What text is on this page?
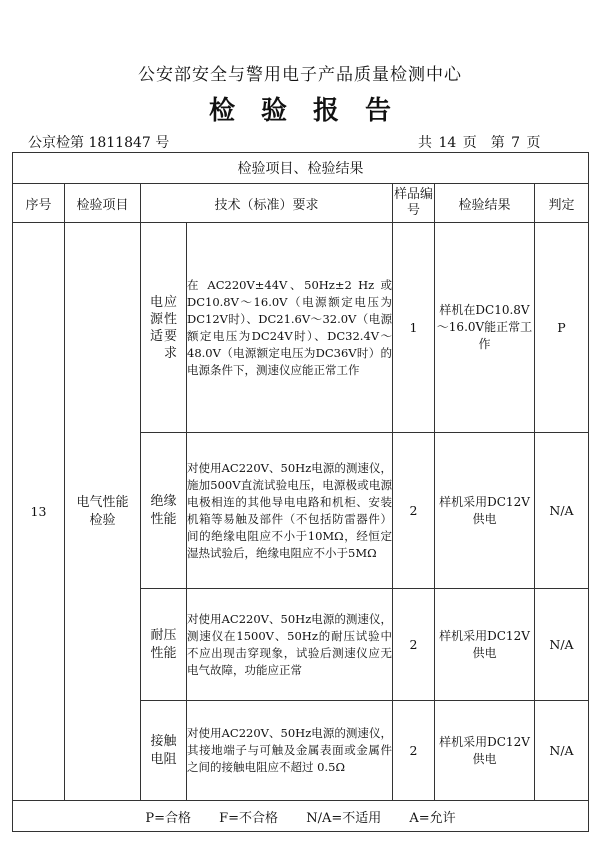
公安部安全与警用电子产品质量检测中心
检验报告
公京检第 1811847 号	共 14 页 第 7 页
检验项目、检验结果						
序号	检验项目	技术（标准）要求		样品编号	检验结果	判定
13	电气性能检验	电源适应性要求	在 AC220V±44V、50Hz±2 Hz 或DC10.8V～16.0V（电源额定电压为DC12V时）、DC21.6V～32.0V（电源额定电压为DC24V时）、DC32.4V～48.0V（电源额定电压为DC36V时）的电源条件下，测速仪应能正常工作	1	样机在DC10.8V～16.0V能正常工作	P
		绝缘性能	对使用AC220V、50Hz电源的测速仪，施加500V直流试验电压，电源极或电源电极相连的其他导电电路和机柜、安装机箱等易触及部件（不包括防雷器件）间的绝缘电阻应不小于10MΩ，经恒定湿热试验后，绝缘电阻应不小于5MΩ	2	样机采用DC12V供电	N/A
		耐压性能	对使用AC220V、50Hz电源的测速仪，测速仪在1500V、50Hz的耐压试验中不应出现击穿现象，试验后测速仪应无电气故障，功能应正常	2	样机采用DC12V供电	N/A
		接触电阻	对使用AC220V、50Hz电源的测速仪，其接地端子与可触及金属表面或金属件之间的接触电阻应不超过 0.5Ω	2	样机采用DC12V供电	N/A
P=合格 F=不合格 N/A=不适用 A=允许						
